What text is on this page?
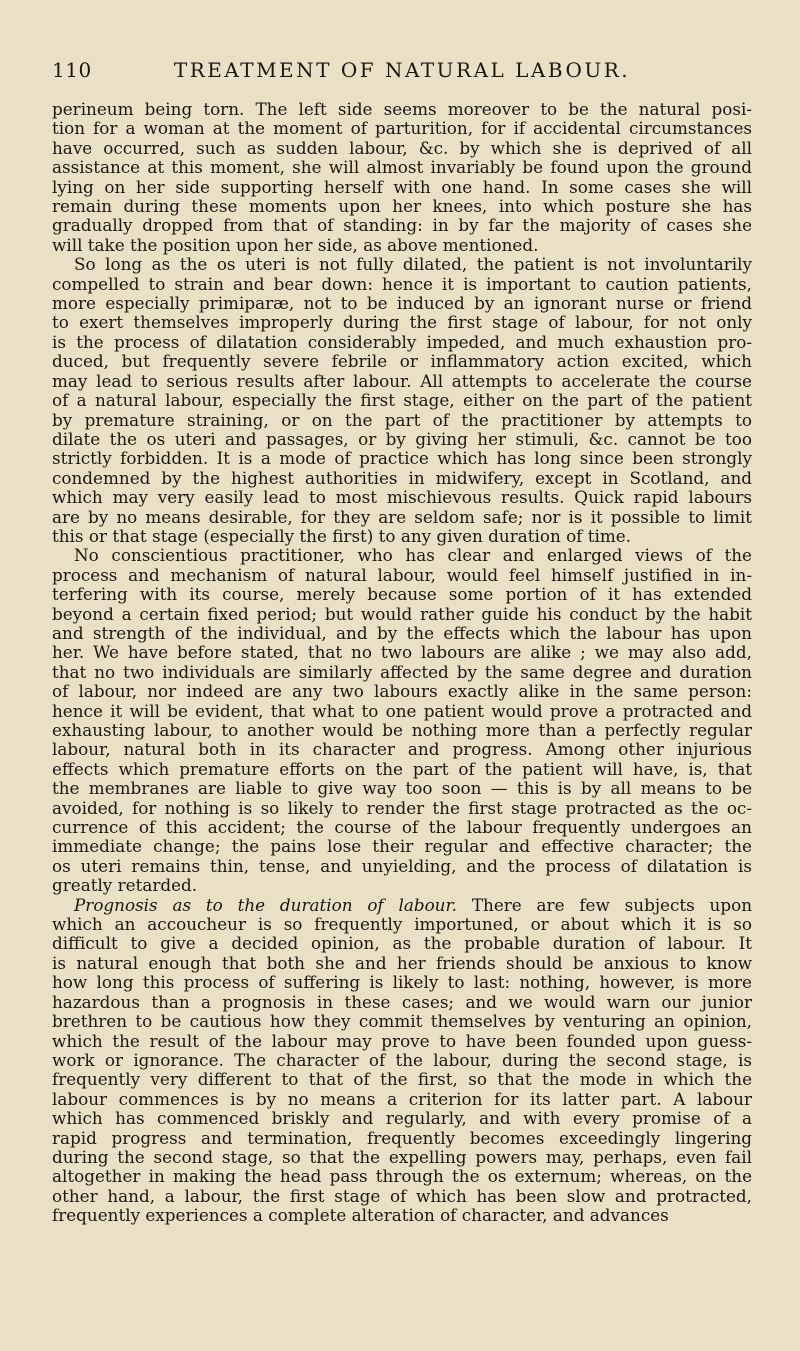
110	TREATMENT OF NATURAL LABOUR.
perineum being torn. The left side seems moreover to be the natural posi-
tion for a woman at the moment of parturition, for if accidental circumstances
have occurred, such as sudden labour, &c. by which she is deprived of all
assistance at this moment, she will almost invariably be found upon the ground
lying on her side supporting herself with one hand. In some cases she will
remain during these moments upon her knees, into which posture she has
gradually dropped from that of standing: in by far the majority of cases she
will take the position upon her side, as above mentioned.
So long as the os uteri is not fully dilated, the patient is not involuntarily
compelled to strain and bear down: hence it is important to caution patients,
more especially primiparæ, not to be induced by an ignorant nurse or friend
to exert themselves improperly during the first stage of labour, for not only
is the process of dilatation considerably impeded, and much exhaustion pro-
duced, but frequently severe febrile or inflammatory action excited, which
may lead to serious results after labour. All attempts to accelerate the course
of a natural labour, especially the first stage, either on the part of the patient
by premature straining, or on the part of the practitioner by attempts to
dilate the os uteri and passages, or by giving her stimuli, &c. cannot be too
strictly forbidden. It is a mode of practice which has long since been strongly
condemned by the highest authorities in midwifery, except in Scotland, and
which may very easily lead to most mischievous results. Quick rapid labours
are by no means desirable, for they are seldom safe; nor is it possible to limit
this or that stage (especially the first) to any given duration of time.
No conscientious practitioner, who has clear and enlarged views of the
process and mechanism of natural labour, would feel himself justified in in-
terfering with its course, merely because some portion of it has extended
beyond a certain fixed period; but would rather guide his conduct by the habit
and strength of the individual, and by the effects which the labour has upon
her. We have before stated, that no two labours are alike ; we may also add,
that no two individuals are similarly affected by the same degree and duration
of labour, nor indeed are any two labours exactly alike in the same person:
hence it will be evident, that what to one patient would prove a protracted and
exhausting labour, to another would be nothing more than a perfectly regular
labour, natural both in its character and progress. Among other injurious
effects which premature efforts on the part of the patient will have, is, that
the membranes are liable to give way too soon — this is by all means to be
avoided, for nothing is so likely to render the first stage protracted as the oc-
currence of this accident; the course of the labour frequently undergoes an
immediate change; the pains lose their regular and effective character; the
os uteri remains thin, tense, and unyielding, and the process of dilatation is
greatly retarded.
Prognosis as to the duration of labour. There are few subjects upon
which an accoucheur is so frequently importuned, or about which it is so
difficult to give a decided opinion, as the probable duration of labour. It
is natural enough that both she and her friends should be anxious to know
how long this process of suffering is likely to last: nothing, however, is more
hazardous than a prognosis in these cases; and we would warn our junior
brethren to be cautious how they commit themselves by venturing an opinion,
which the result of the labour may prove to have been founded upon guess-
work or ignorance. The character of the labour, during the second stage, is
frequently very different to that of the first, so that the mode in which the
labour commences is by no means a criterion for its latter part. A labour
which has commenced briskly and regularly, and with every promise of a
rapid progress and termination, frequently becomes exceedingly lingering
during the second stage, so that the expelling powers may, perhaps, even fail
altogether in making the head pass through the os externum; whereas, on the
other hand, a labour, the first stage of which has been slow and protracted,
frequently experiences a complete alteration of character, and advances
